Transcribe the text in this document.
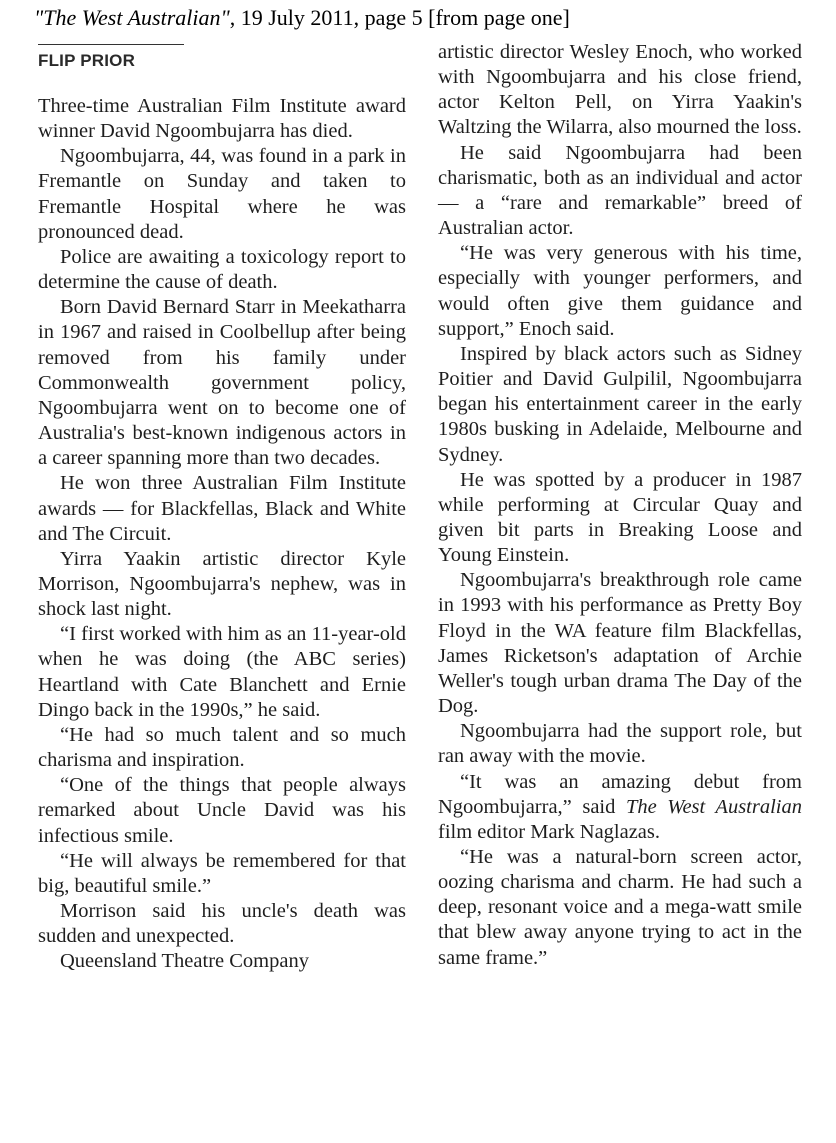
"The West Australian", 19 July 2011, page 5 [from page one]
FLIP PRIOR

Three-time Australian Film Institute award winner David Ngoombujarra has died.

Ngoombujarra, 44, was found in a park in Fremantle on Sunday and taken to Fremantle Hospital where he was pronounced dead.

Police are awaiting a toxicology report to determine the cause of death.

Born David Bernard Starr in Meekatharra in 1967 and raised in Coolbellup after being removed from his family under Commonwealth government policy, Ngoombujarra went on to become one of Australia's best-known indigenous actors in a career spanning more than two decades.

He won three Australian Film Institute awards — for Blackfellas, Black and White and The Circuit.

Yirra Yaakin artistic director Kyle Morrison, Ngoombujarra's nephew, was in shock last night.

“I first worked with him as an 11-year-old when he was doing (the ABC series) Heartland with Cate Blanchett and Ernie Dingo back in the 1990s,” he said.

“He had so much talent and so much charisma and inspiration.

“One of the things that people always remarked about Uncle David was his infectious smile.

“He will always be remembered for that big, beautiful smile.”

Morrison said his uncle's death was sudden and unexpected.

Queensland Theatre Company

artistic director Wesley Enoch, who worked with Ngoombujarra and his close friend, actor Kelton Pell, on Yirra Yaakin's Waltzing the Wilarra, also mourned the loss.

He said Ngoombujarra had been charismatic, both as an individual and actor — a “rare and remarkable” breed of Australian actor.

“He was very generous with his time, especially with younger performers, and would often give them guidance and support,” Enoch said.

Inspired by black actors such as Sidney Poitier and David Gulpilil, Ngoombujarra began his entertainment career in the early 1980s busking in Adelaide, Melbourne and Sydney.

He was spotted by a producer in 1987 while performing at Circular Quay and given bit parts in Breaking Loose and Young Einstein.

Ngoombujarra's breakthrough role came in 1993 with his performance as Pretty Boy Floyd in the WA feature film Blackfellas, James Ricketson's adaptation of Archie Weller's tough urban drama The Day of the Dog.

Ngoombujarra had the support role, but ran away with the movie.

“It was an amazing debut from Ngoombujarra,” said The West Australian film editor Mark Naglazas.

“He was a natural-born screen actor, oozing charisma and charm. He had such a deep, resonant voice and a mega-watt smile that blew away anyone trying to act in the same frame.”
